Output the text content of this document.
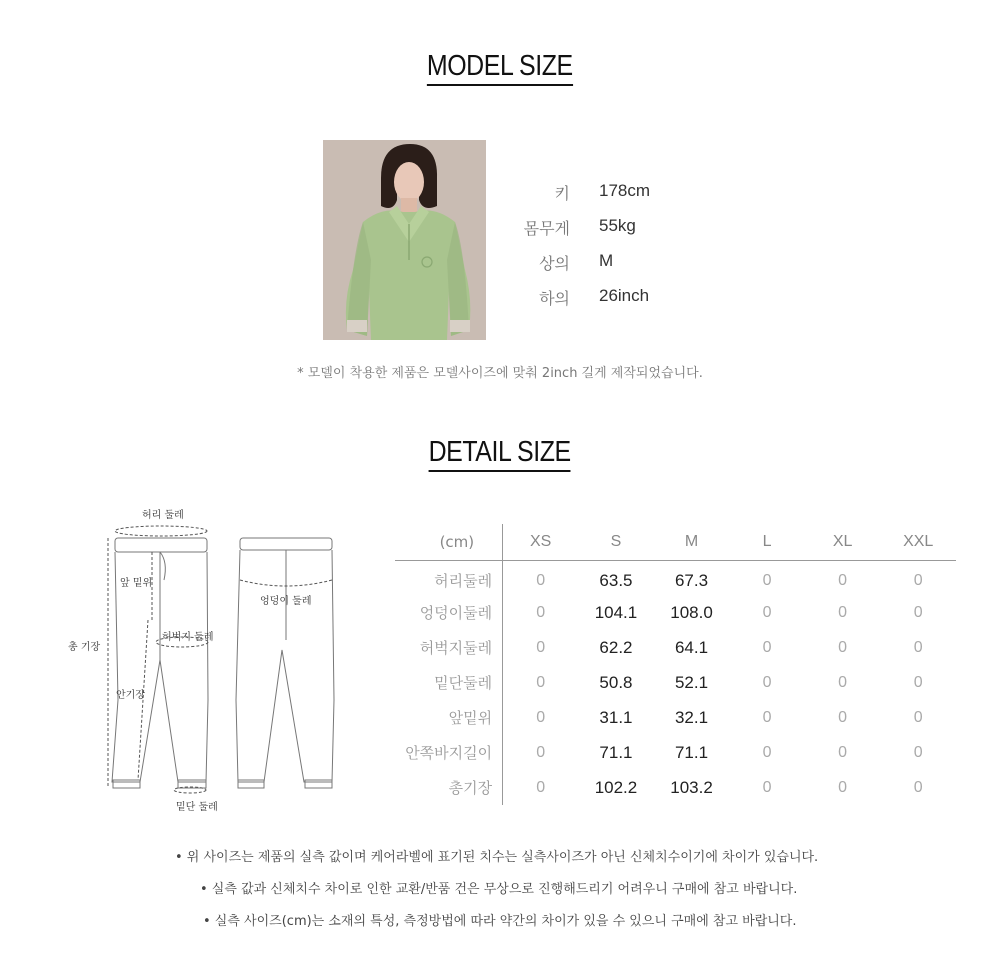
MODEL SIZE
키 178cm
몸무게 55kg
상의 M
하의 26inch

* 모델이 착용한 제품은 모델사이즈에 맞춰 2inch 길게 제작되었습니다.

DETAIL SIZE
허리 둘레
앞 밑위
허벅지 둘레
총 기장
안기장
밑단 둘레
엉덩이 둘레
(cm)	XS	S	M	L	XL	XXL
허리둘레	0	63.5	67.3	0	0	0
엉덩이둘레	0	104.1	108.0	0	0	0
허벅지둘레	0	62.2	64.1	0	0	0
밑단둘레	0	50.8	52.1	0	0	0
앞밑위	0	31.1	32.1	0	0	0
안쪽바지길이	0	71.1	71.1	0	0	0
총기장	0	102.2	103.2	0	0	0

• 위 사이즈는 제품의 실측 값이며 케어라벨에 표기된 치수는 실측사이즈가 아닌 신체치수이기에 차이가 있습니다.

• 실측 값과 신체치수 차이로 인한 교환/반품 건은 무상으로 진행해드리기 어려우니 구매에 참고 바랍니다.

• 실측 사이즈(cm)는 소재의 특성, 측정방법에 따라 약간의 차이가 있을 수 있으니 구매에 참고 바랍니다.
